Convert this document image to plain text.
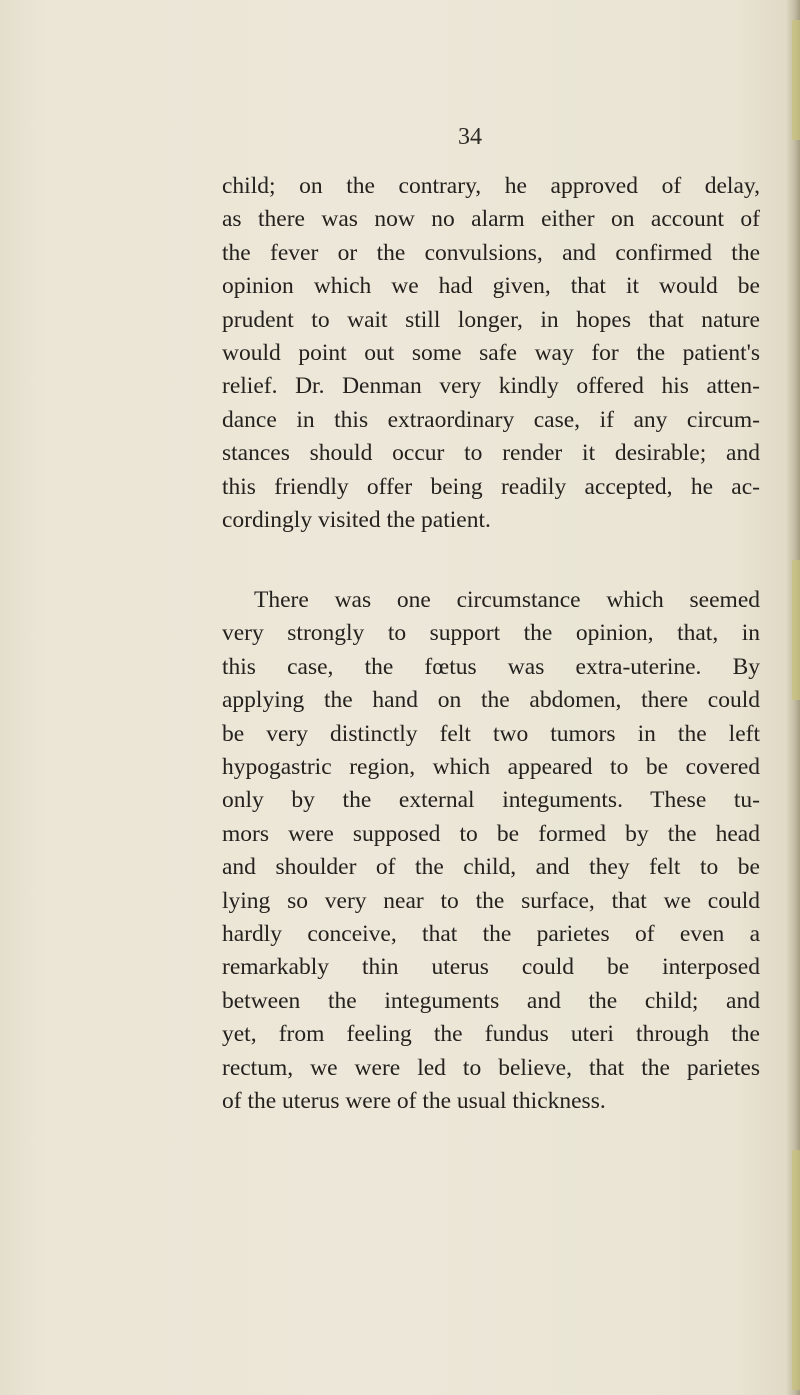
34

child; on the contrary, he approved of delay,
as there was now no alarm either on account of
the fever or the convulsions, and confirmed the
opinion which we had given, that it would be
prudent to wait still longer, in hopes that nature
would point out some safe way for the patient's
relief. Dr. Denman very kindly offered his atten-
dance in this extraordinary case, if any circum-
stances should occur to render it desirable; and
this friendly offer being readily accepted, he ac-
cordingly visited the patient.

There was one circumstance which seemed
very strongly to support the opinion, that, in
this case, the fœtus was extra-uterine. By
applying the hand on the abdomen, there could
be very distinctly felt two tumors in the left
hypogastric region, which appeared to be covered
only by the external integuments. These tu-
mors were supposed to be formed by the head
and shoulder of the child, and they felt to be
lying so very near to the surface, that we could
hardly conceive, that the parietes of even a
remarkably thin uterus could be interposed
between the integuments and the child; and
yet, from feeling the fundus uteri through the
rectum, we were led to believe, that the parietes
of the uterus were of the usual thickness.
